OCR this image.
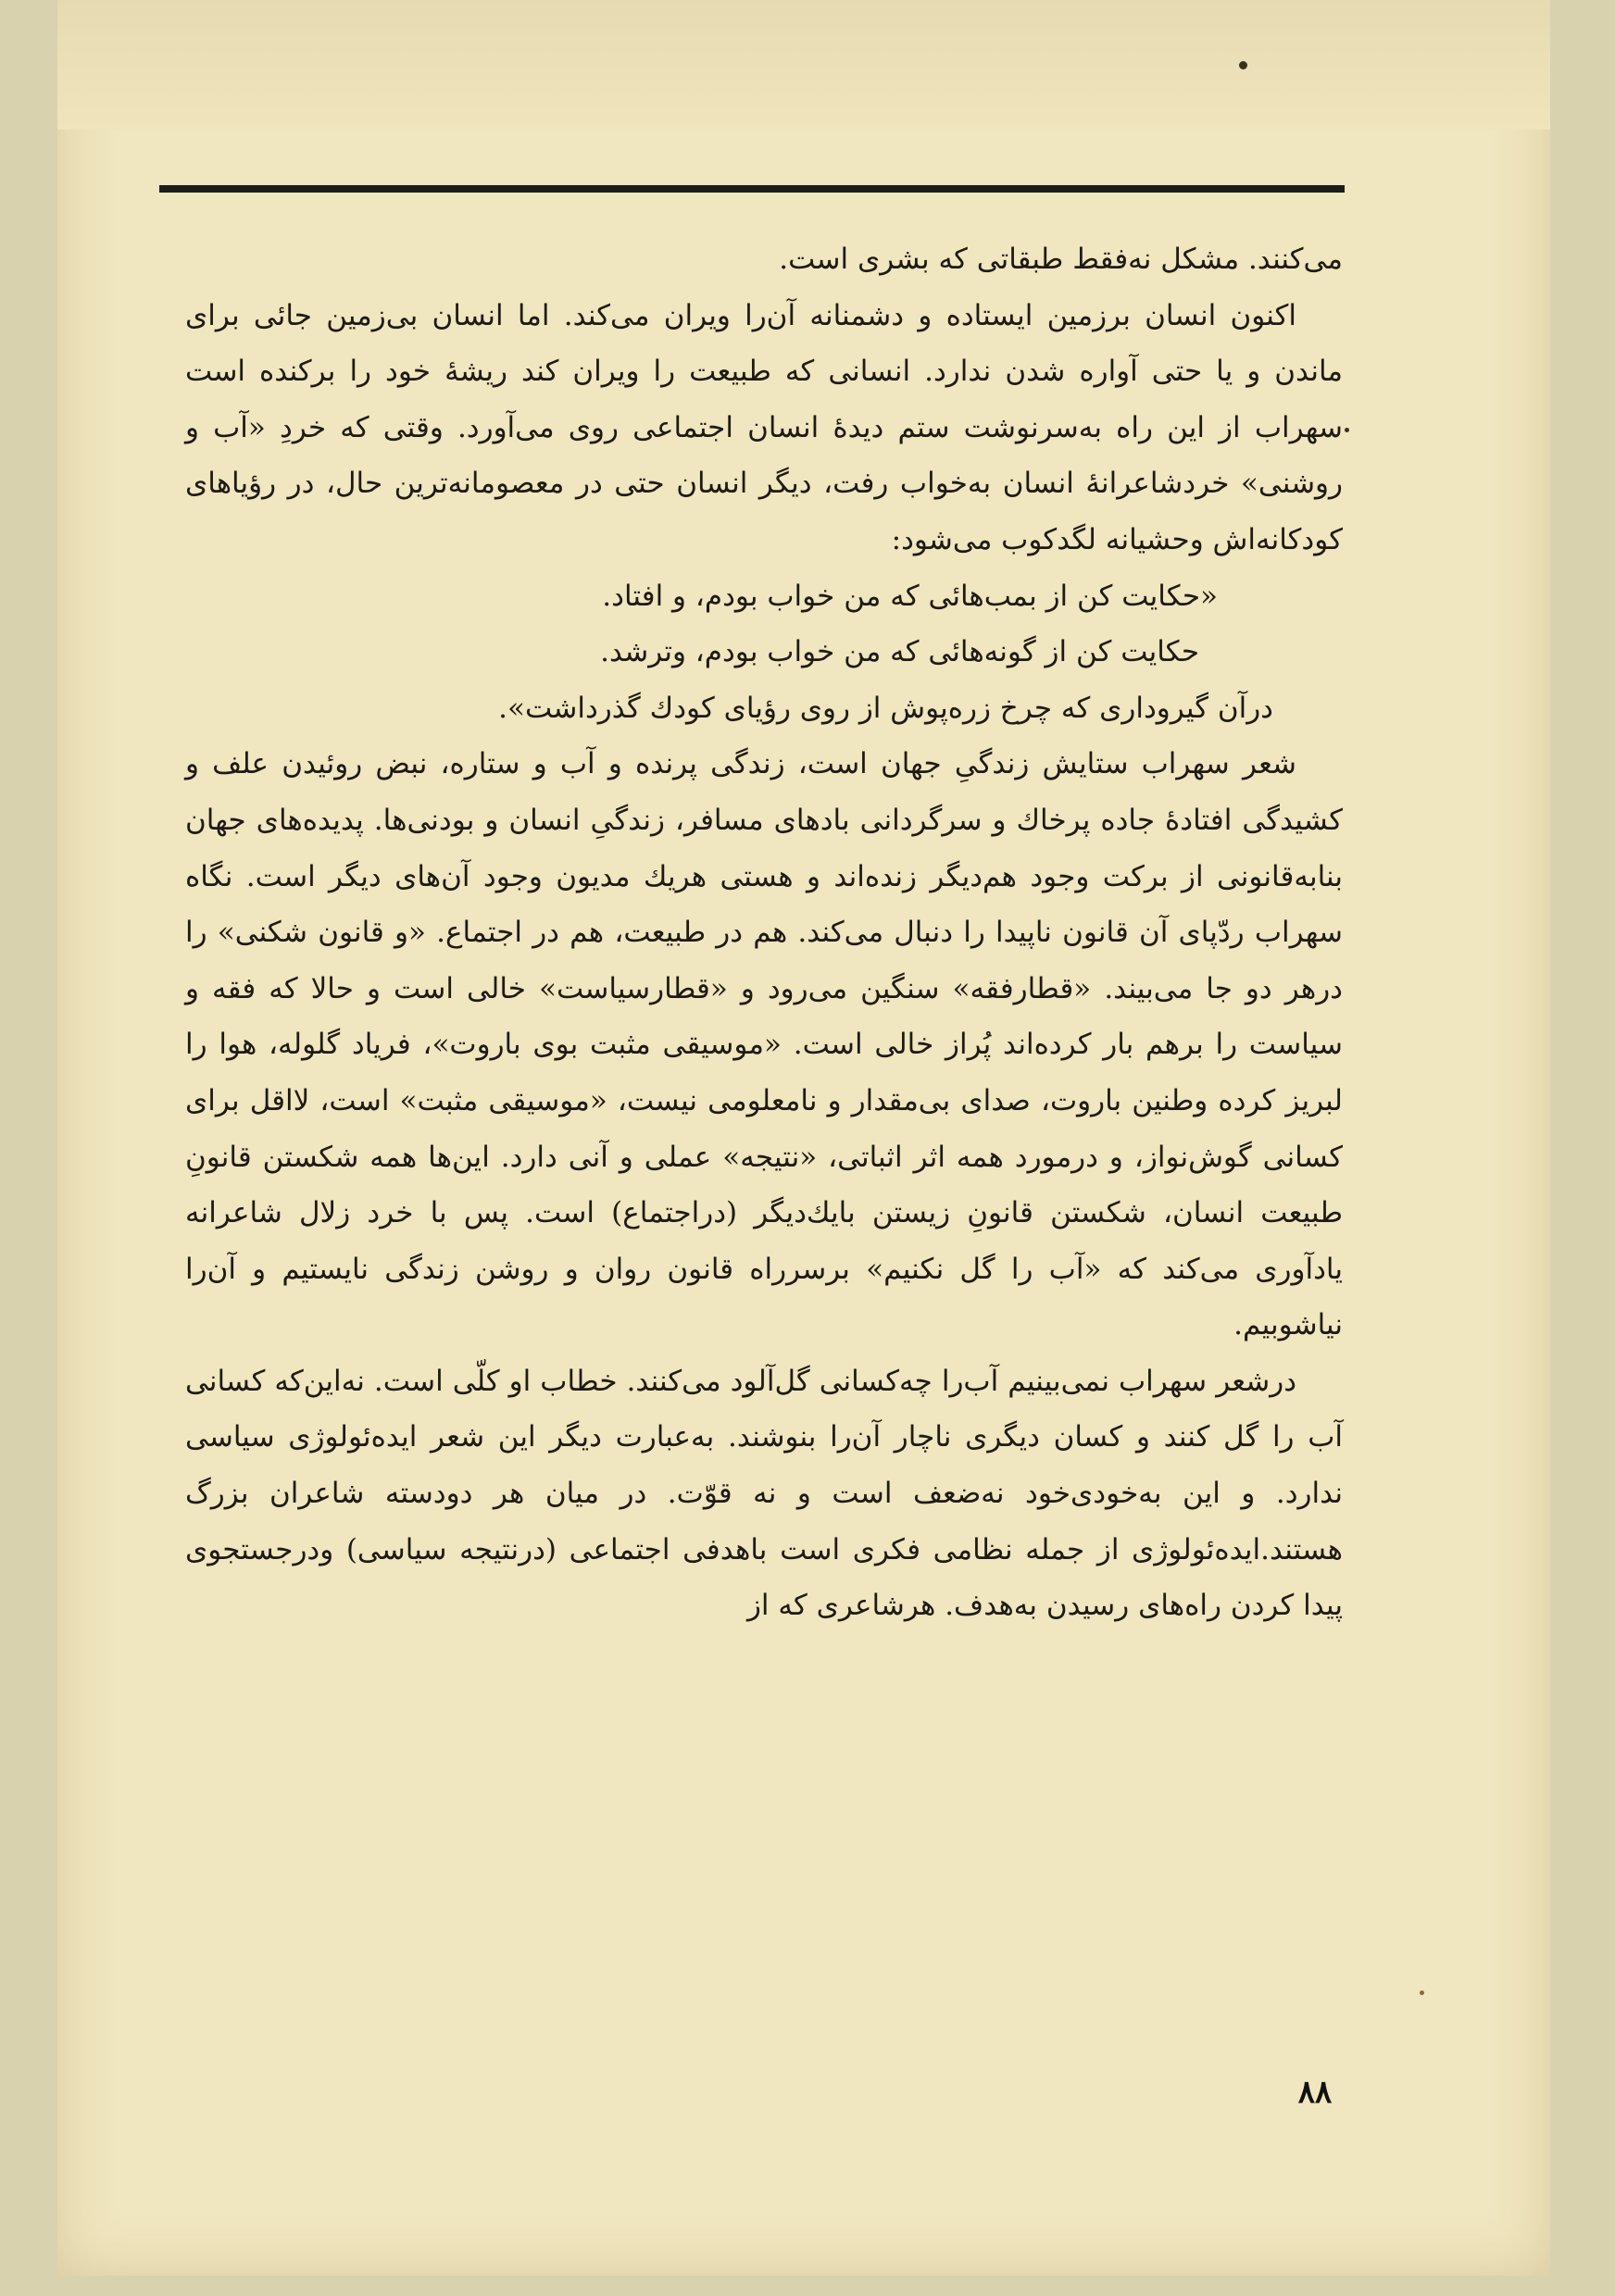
می‌کنند. مشکل نه‌فقط طبقاتی که بشری است.

اکنون انسان برزمین ایستاده و دشمنانه آن‌را ویران می‌کند. اما انسان بی‌زمین جائی برای ماندن و یا حتی آواره شدن ندارد. انسانی که طبیعت را ویران کند ریشهٔ خود را برکنده است سهراب از این راه به‌سرنوشت ستم دیدهٔ انسان اجتماعی روی می‌آورد. وقتی که خردِ «آب و روشنی» خردشاعرانهٔ انسان به‌خواب رفت، دیگر انسان حتی در معصومانه‌ترین حال، در رؤیاهای کودکانه‌اش وحشیانه لگدکوب می‌شود:

«حکایت کن از بمب‌هائی که من خواب بودم، و افتاد.

حکایت کن از گونه‌هائی که من خواب بودم، وترشد.

درآن گیروداری که چرخ زره‌پوش از روی رؤیای کودك گذرداشت».

شعر سهراب ستایش زندگیِ جهان است، زندگی پرنده و آب و ستاره، نبض روئیدن علف و کشیدگی افتادهٔ جاده پرخاك و سرگردانی بادهای مسافر، زندگیِ انسان و بودنی‌ها. پدیده‌های جهان بنابه‌قانونی از برکت وجود هم‌دیگر زنده‌اند و هستی هریك مدیون وجود آن‌های دیگر است. نگاه سهراب ردّپای آن قانون ناپیدا را دنبال می‌کند. هم در طبیعت، هم در اجتماع. «و قانون شکنی» را درهر دو جا می‌بیند. «قطارفقه» سنگین می‌رود و «قطارسیاست» خالی است و حالا که فقه و سیاست را برهم بار کرده‌اند پُراز خالی است. «موسیقی مثبت بوی باروت»، فریاد گلوله، هوا را لبریز کرده وطنین باروت، صدای بی‌مقدار و نامعلومی نیست، «موسیقی مثبت» است، لااقل برای کسانی گوش‌نواز، و درمورد همه اثر اثباتی، «نتیجه» عملی و آنی دارد. این‌ها همه شکستن قانونِ طبیعت انسان، شکستن قانونِ زیستن بایك‌دیگر (دراجتماع) است. پس با خرد زلال شاعرانه یادآوری می‌کند که «آب را گل نکنیم» برسرراه قانون روان و روشن زندگی نایستیم و آن‌را نیاشوبیم.

درشعر سهراب نمی‌بینیم آب‌را چه‌کسانی گل‌آلود می‌کنند. خطاب او کلّی است. نه‌این‌که کسانی آب را گل کنند و کسان دیگری ناچار آن‌را بنوشند. به‌عبارت دیگر این شعر ایده‌ئولوژی سیاسی ندارد. و این به‌خودی‌خود نه‌ضعف است و نه قوّت. در میان هر دودسته شاعران بزرگ هستند.ایده‌ئولوژی از جمله نظامی فکری است باهدفی اجتماعی (درنتیجه سیاسی) ودرجستجوی پیدا کردن راه‌های رسیدن به‌هدف. هرشاعری که از

۸۸
